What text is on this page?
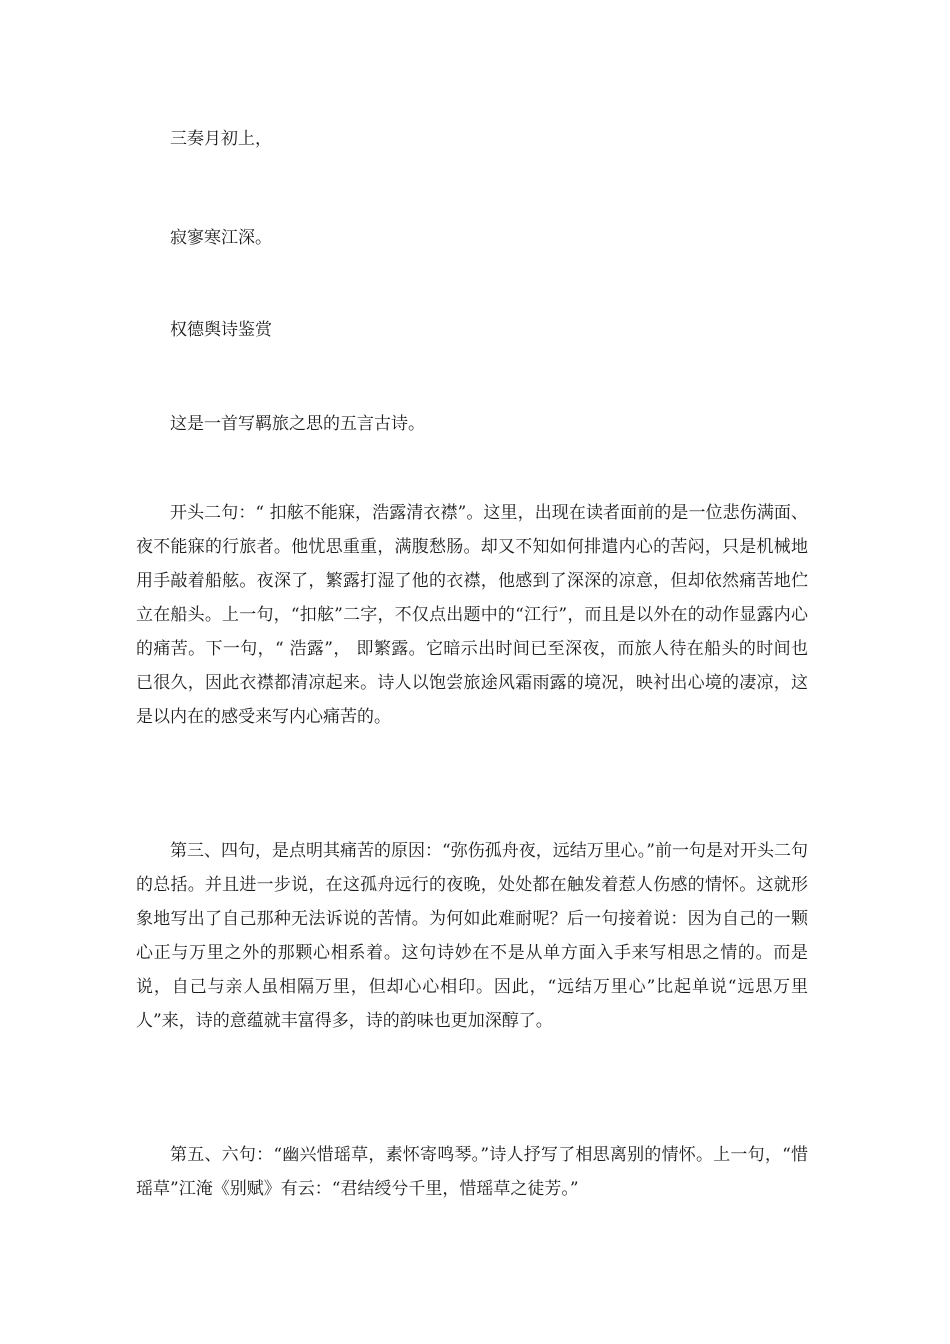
三奏月初上，
寂寥寒江深。
权德舆诗鉴赏
这是一首写羁旅之思的五言古诗。

开头二句：“ 扣舷不能寐，浩露清衣襟”。这里，出现在读者面前的是一位悲伤满面、夜不能寐的行旅者。他忧思重重，满腹愁肠。却又不知如何排遣内心的苦闷，只是机械地用手敲着船舷。夜深了，繁露打湿了他的衣襟，他感到了深深的凉意，但却依然痛苦地伫立在船头。上一句，“扣舷”二字，不仅点出题中的“江行”，而且是以外在的动作显露内心的痛苦。下一句，“ 浩露”， 即繁露。它暗示出时间已至深夜，而旅人待在船头的时间也已很久，因此衣襟都清凉起来。诗人以饱尝旅途风霜雨露的境况，映衬出心境的凄凉，这是以内在的感受来写内心痛苦的。

第三、四句，是点明其痛苦的原因：“弥伤孤舟夜，远结万里心。”前一句是对开头二句的总括。并且进一步说，在这孤舟远行的夜晚，处处都在触发着惹人伤感的情怀。这就形象地写出了自己那种无法诉说的苦情。为何如此难耐呢？后一句接着说：因为自己的一颗心正与万里之外的那颗心相系着。这句诗妙在不是从单方面入手来写相思之情的。而是说，自己与亲人虽相隔万里，但却心心相印。因此，“远结万里心”比起单说“远思万里人”来，诗的意蕴就丰富得多，诗的韵味也更加深醇了。

第五、六句：“幽兴惜瑶草，素怀寄鸣琴。”诗人抒写了相思离别的情怀。上一句，“惜瑶草”江淹《别赋》有云：“君结绶兮千里，惜瑶草之徒芳。”
